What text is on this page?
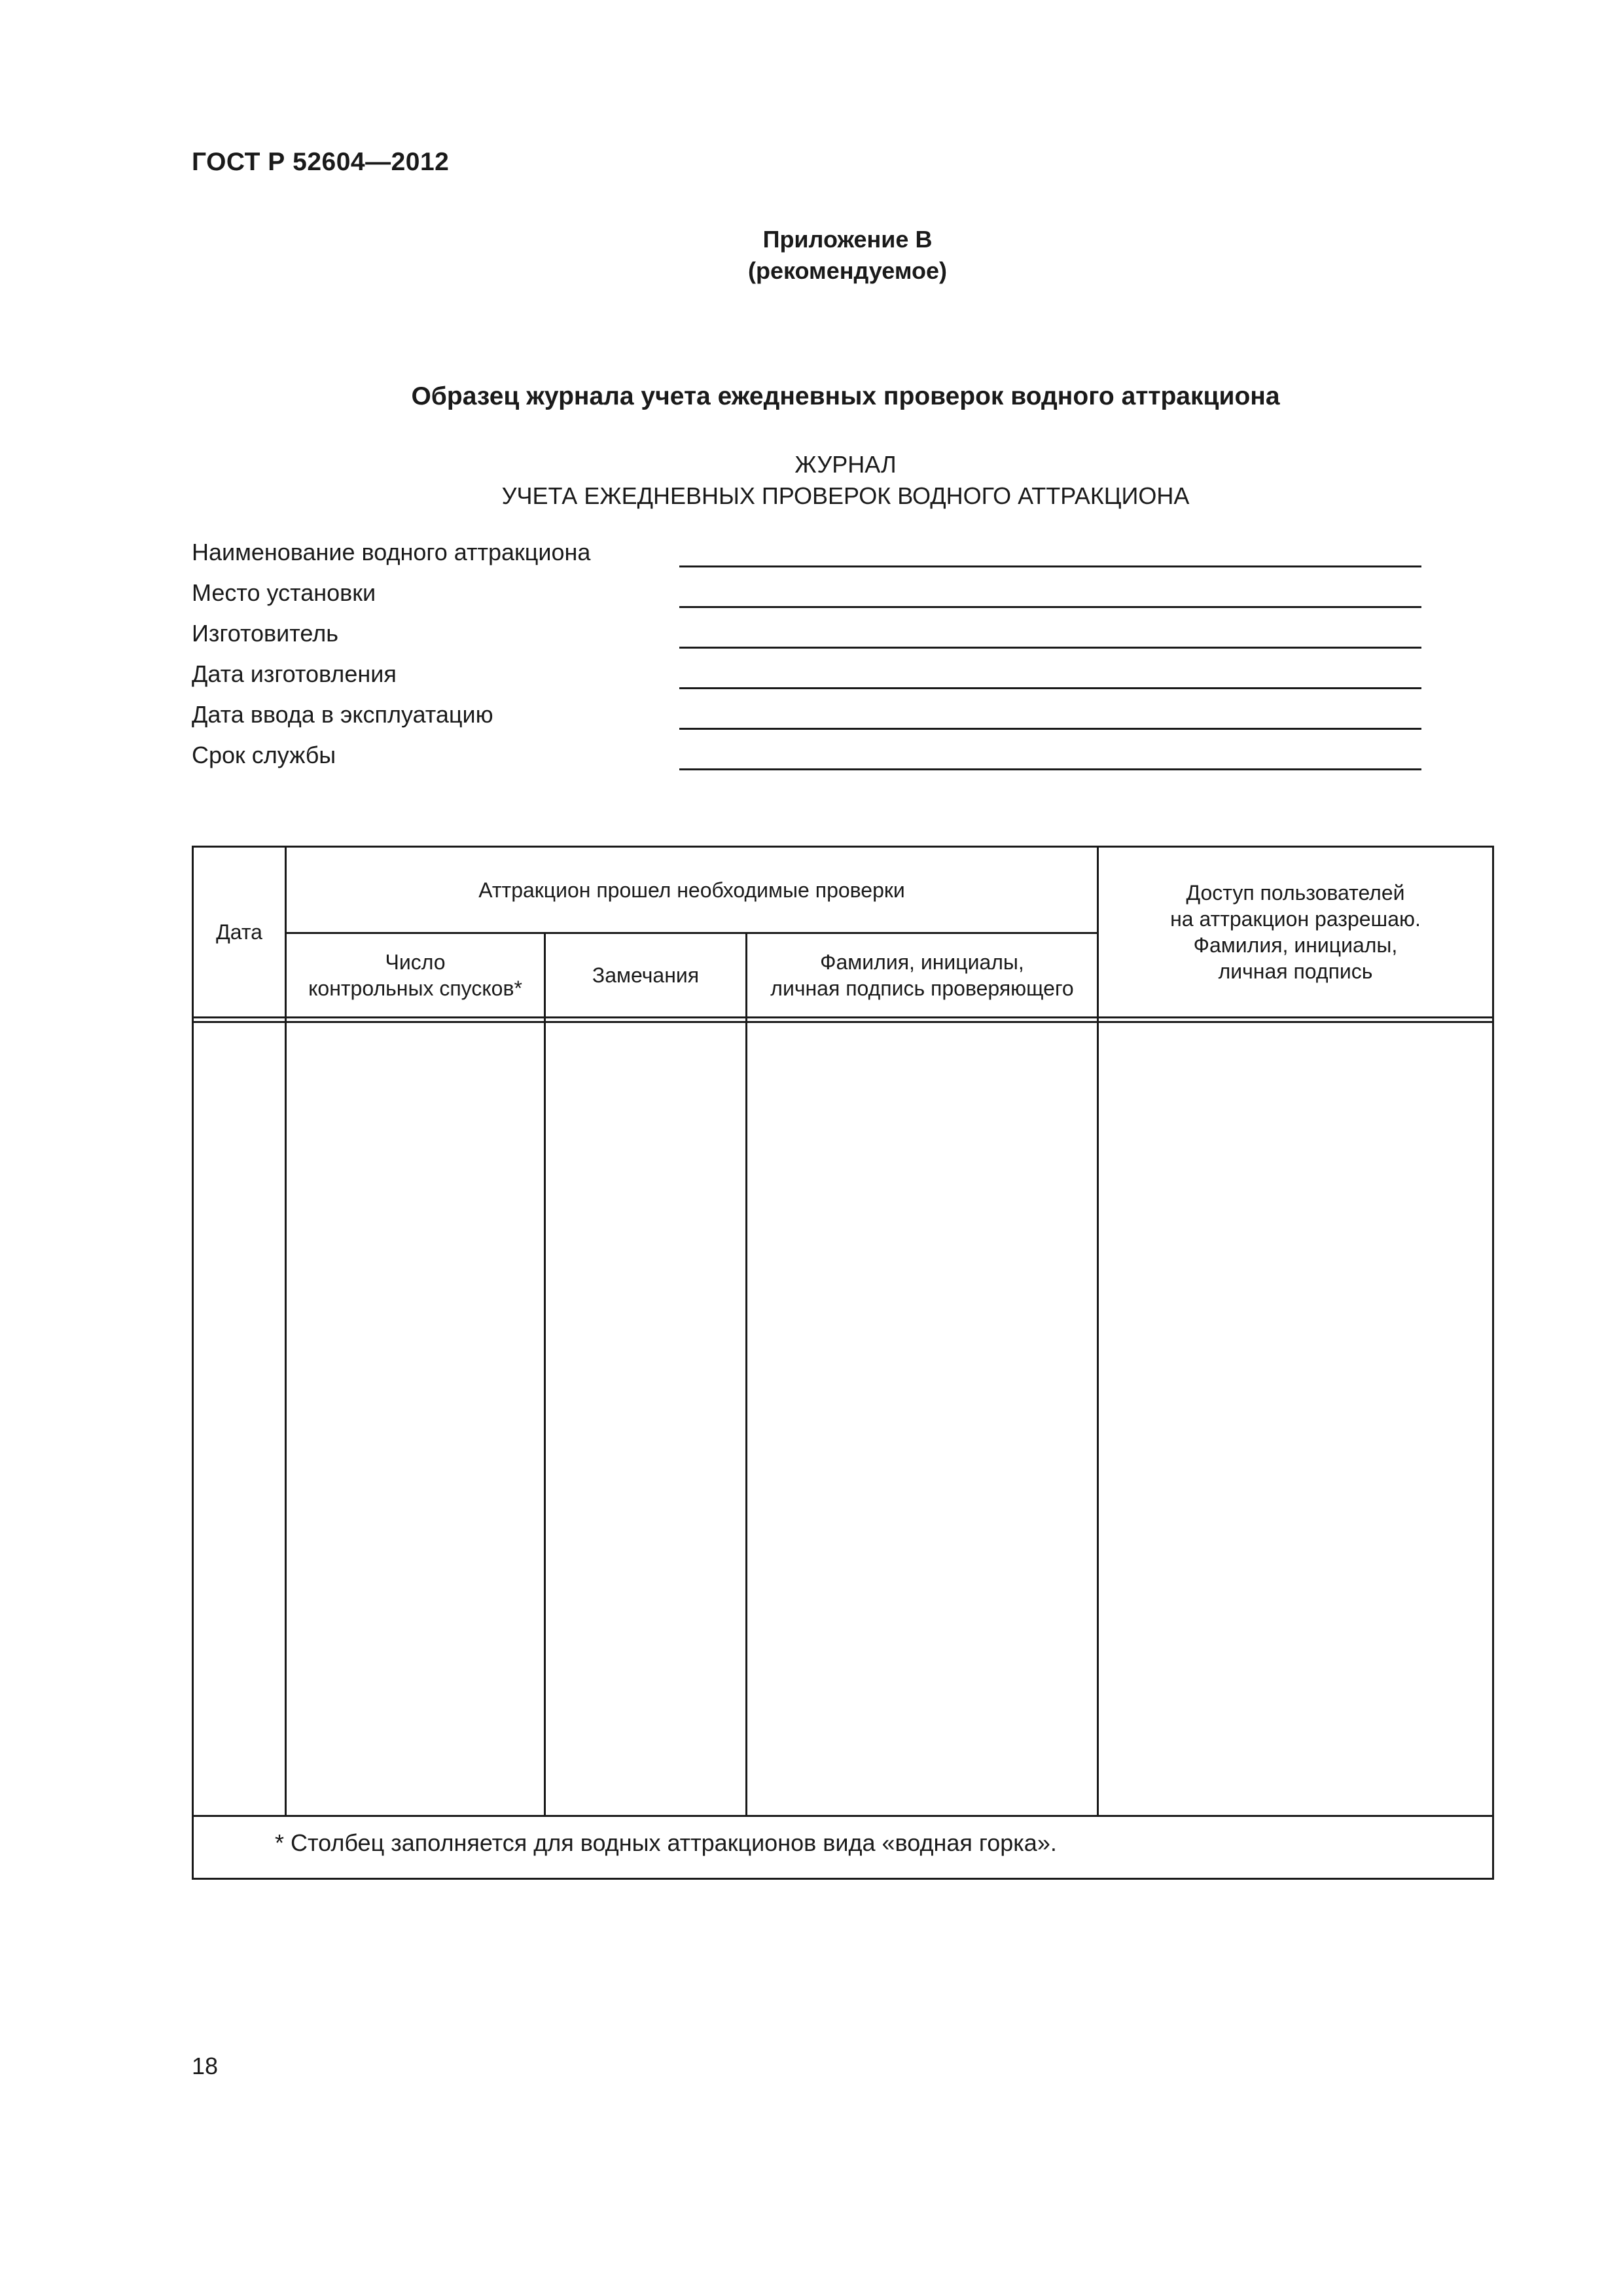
ГОСТ Р 52604—2012
Приложение В
(рекомендуемое)
Образец журнала учета ежедневных проверок водного аттракциона
ЖУРНАЛ
УЧЕТА ЕЖЕДНЕВНЫХ ПРОВЕРОК ВОДНОГО АТТРАКЦИОНА
Наименование водного аттракциона
Место установки
Изготовитель
Дата изготовления
Дата ввода в эксплуатацию
Срок службы
Дата
Аттракцион прошел необходимые проверки
Число
контрольных спусков*
Замечания
Фамилия, инициалы,
личная подпись проверяющего
Доступ пользователей
на аттракцион разрешаю.
Фамилия, инициалы,
личная подпись
* Столбец заполняется для водных аттракционов вида «водная горка».
18
